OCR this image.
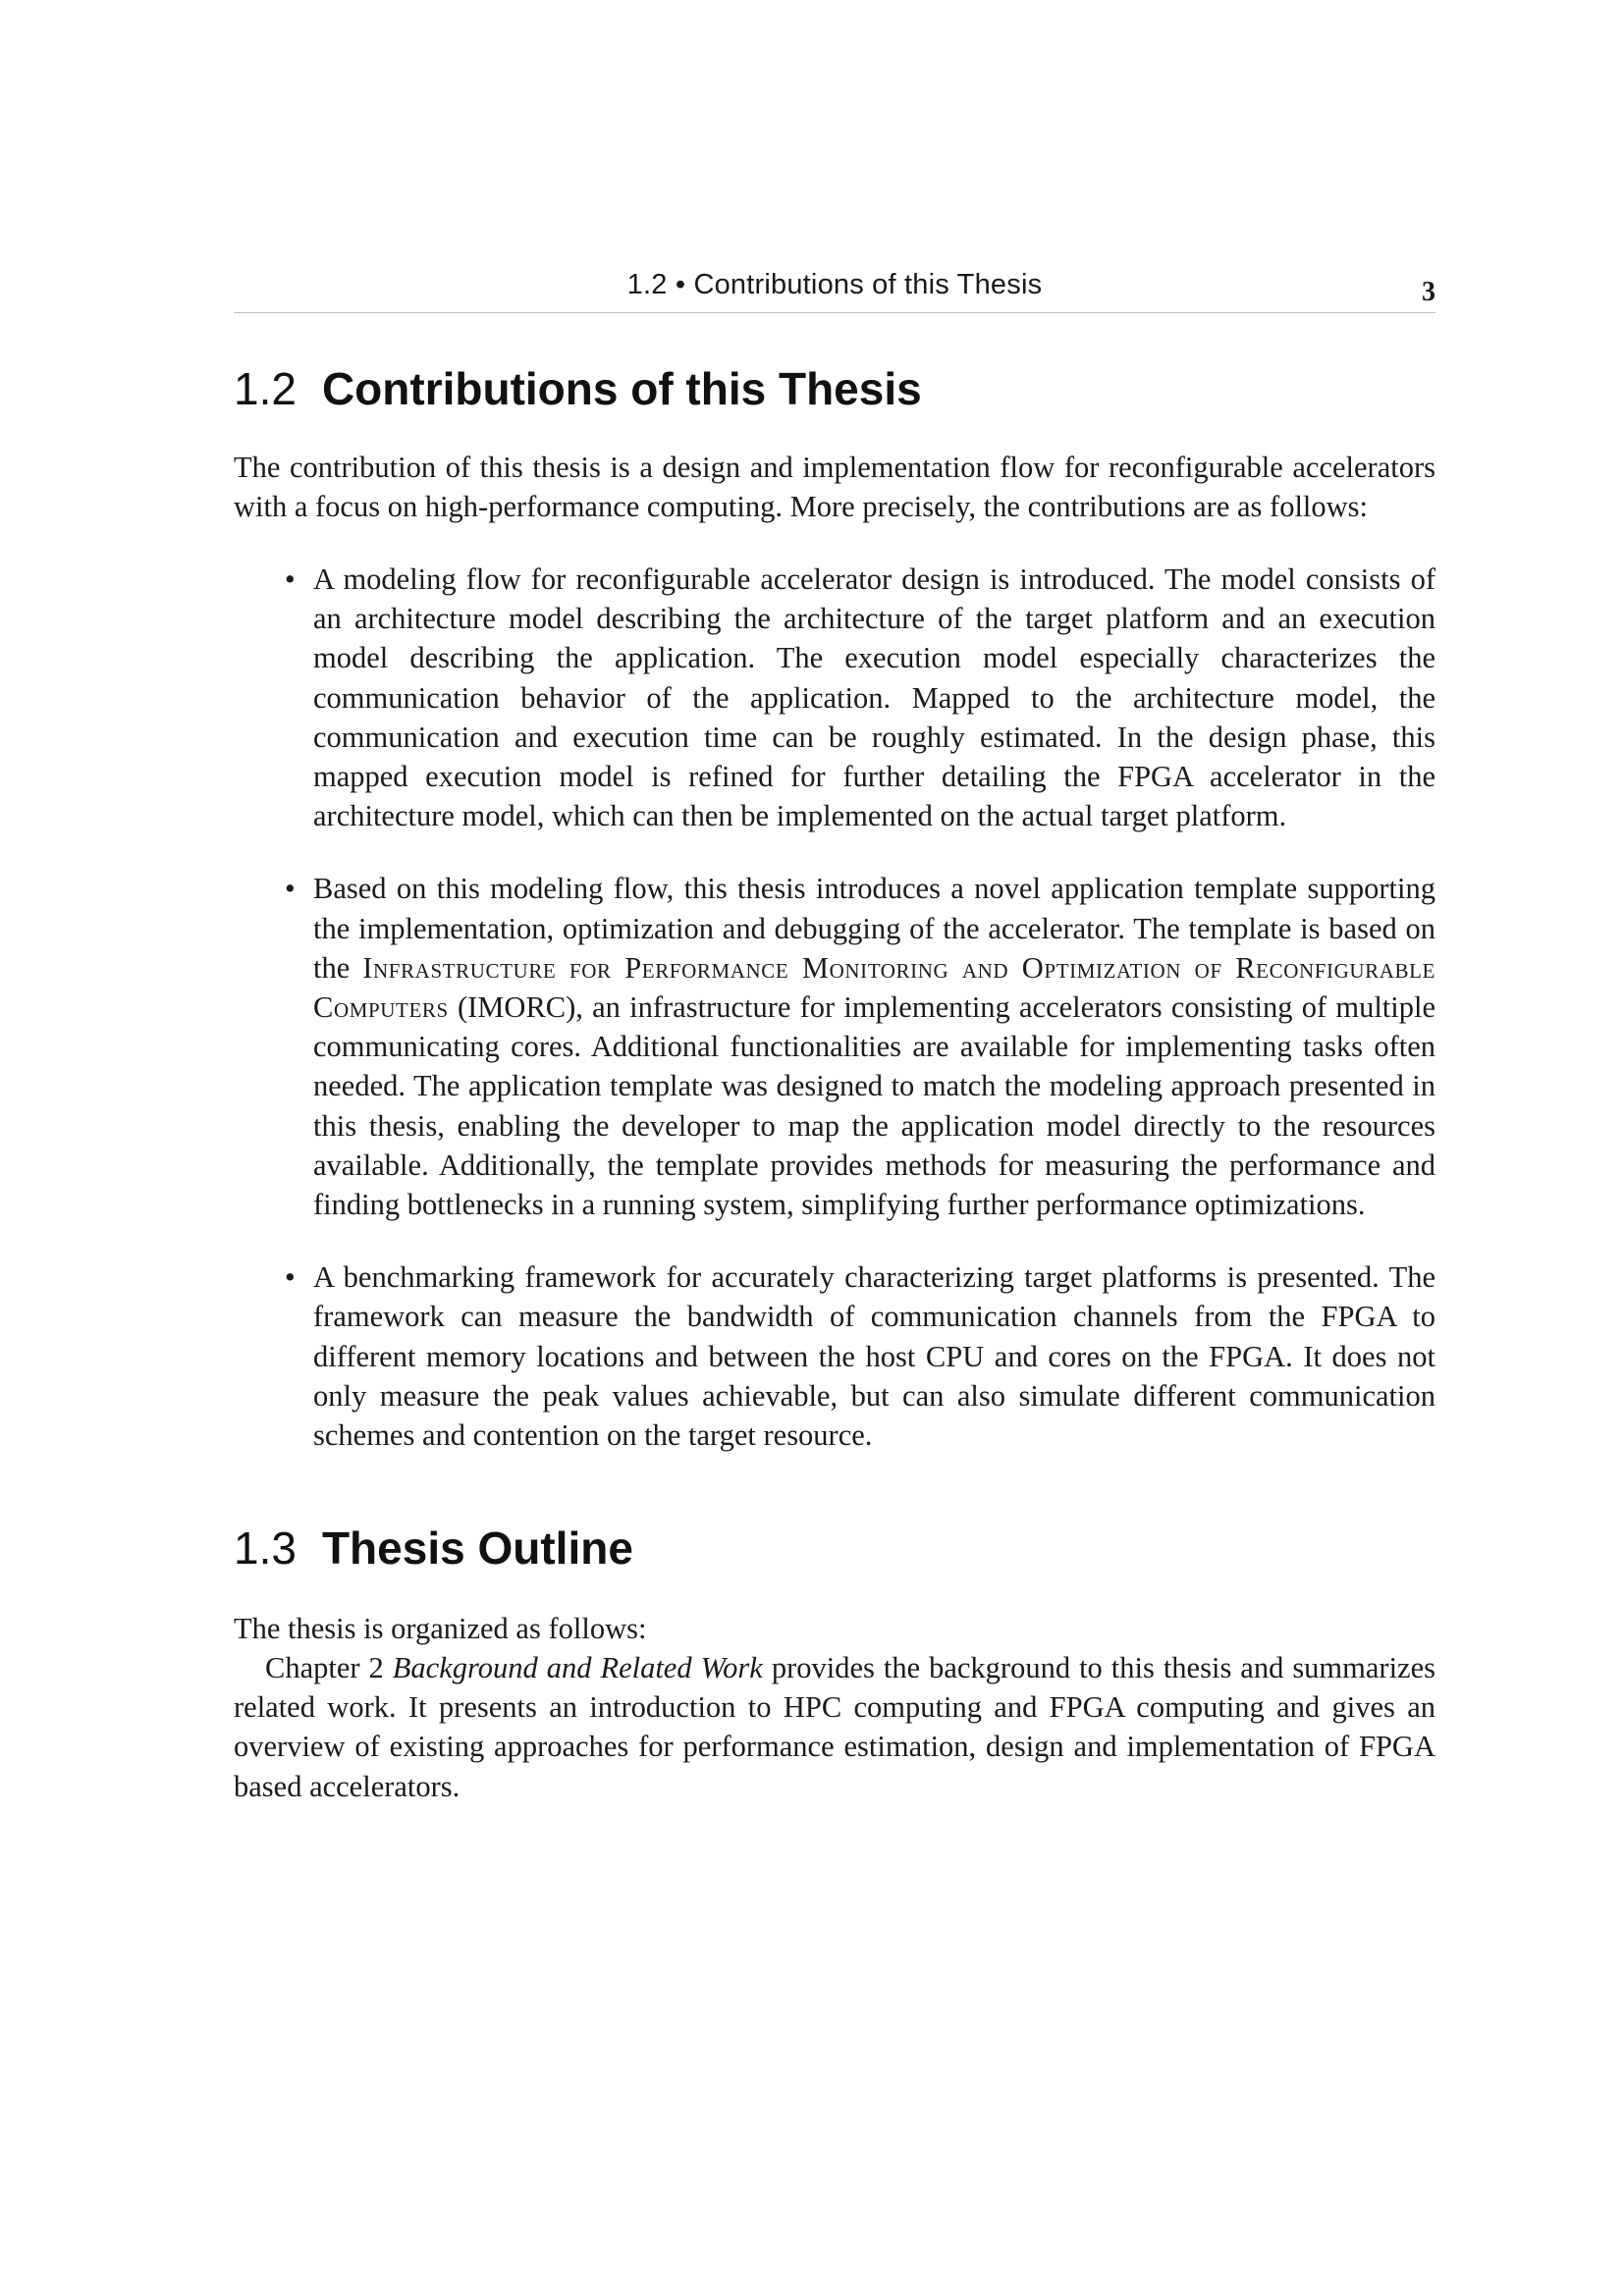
1.2 • Contributions of this Thesis	3
1.2 Contributions of this Thesis

The contribution of this thesis is a design and implementation flow for reconfigurable accelerators with a focus on high-performance computing. More precisely, the contributions are as follows:

• A modeling flow for reconfigurable accelerator design is introduced. The model consists of an architecture model describing the architecture of the target platform and an execution model describing the application. The execution model especially characterizes the communication behavior of the application. Mapped to the architecture model, the communication and execution time can be roughly estimated. In the design phase, this mapped execution model is refined for further detailing the FPGA accelerator in the architecture model, which can then be implemented on the actual target platform.

• Based on this modeling flow, this thesis introduces a novel application template supporting the implementation, optimization and debugging of the accelerator. The template is based on the Infrastructure for Performance Monitoring and Optimization of Reconfigurable Computers (IMORC), an infrastructure for implementing accelerators consisting of multiple communicating cores. Additional functionalities are available for implementing tasks often needed. The application template was designed to match the modeling approach presented in this thesis, enabling the developer to map the application model directly to the resources available. Additionally, the template provides methods for measuring the performance and finding bottlenecks in a running system, simplifying further performance optimizations.

• A benchmarking framework for accurately characterizing target platforms is presented. The framework can measure the bandwidth of communication channels from the FPGA to different memory locations and between the host CPU and cores on the FPGA. It does not only measure the peak values achievable, but can also simulate different communication schemes and contention on the target resource.

1.3 Thesis Outline

The thesis is organized as follows:

Chapter 2 Background and Related Work provides the background to this thesis and summarizes related work. It presents an introduction to HPC computing and FPGA computing and gives an overview of existing approaches for performance estimation, design and implementation of FPGA based accelerators.
